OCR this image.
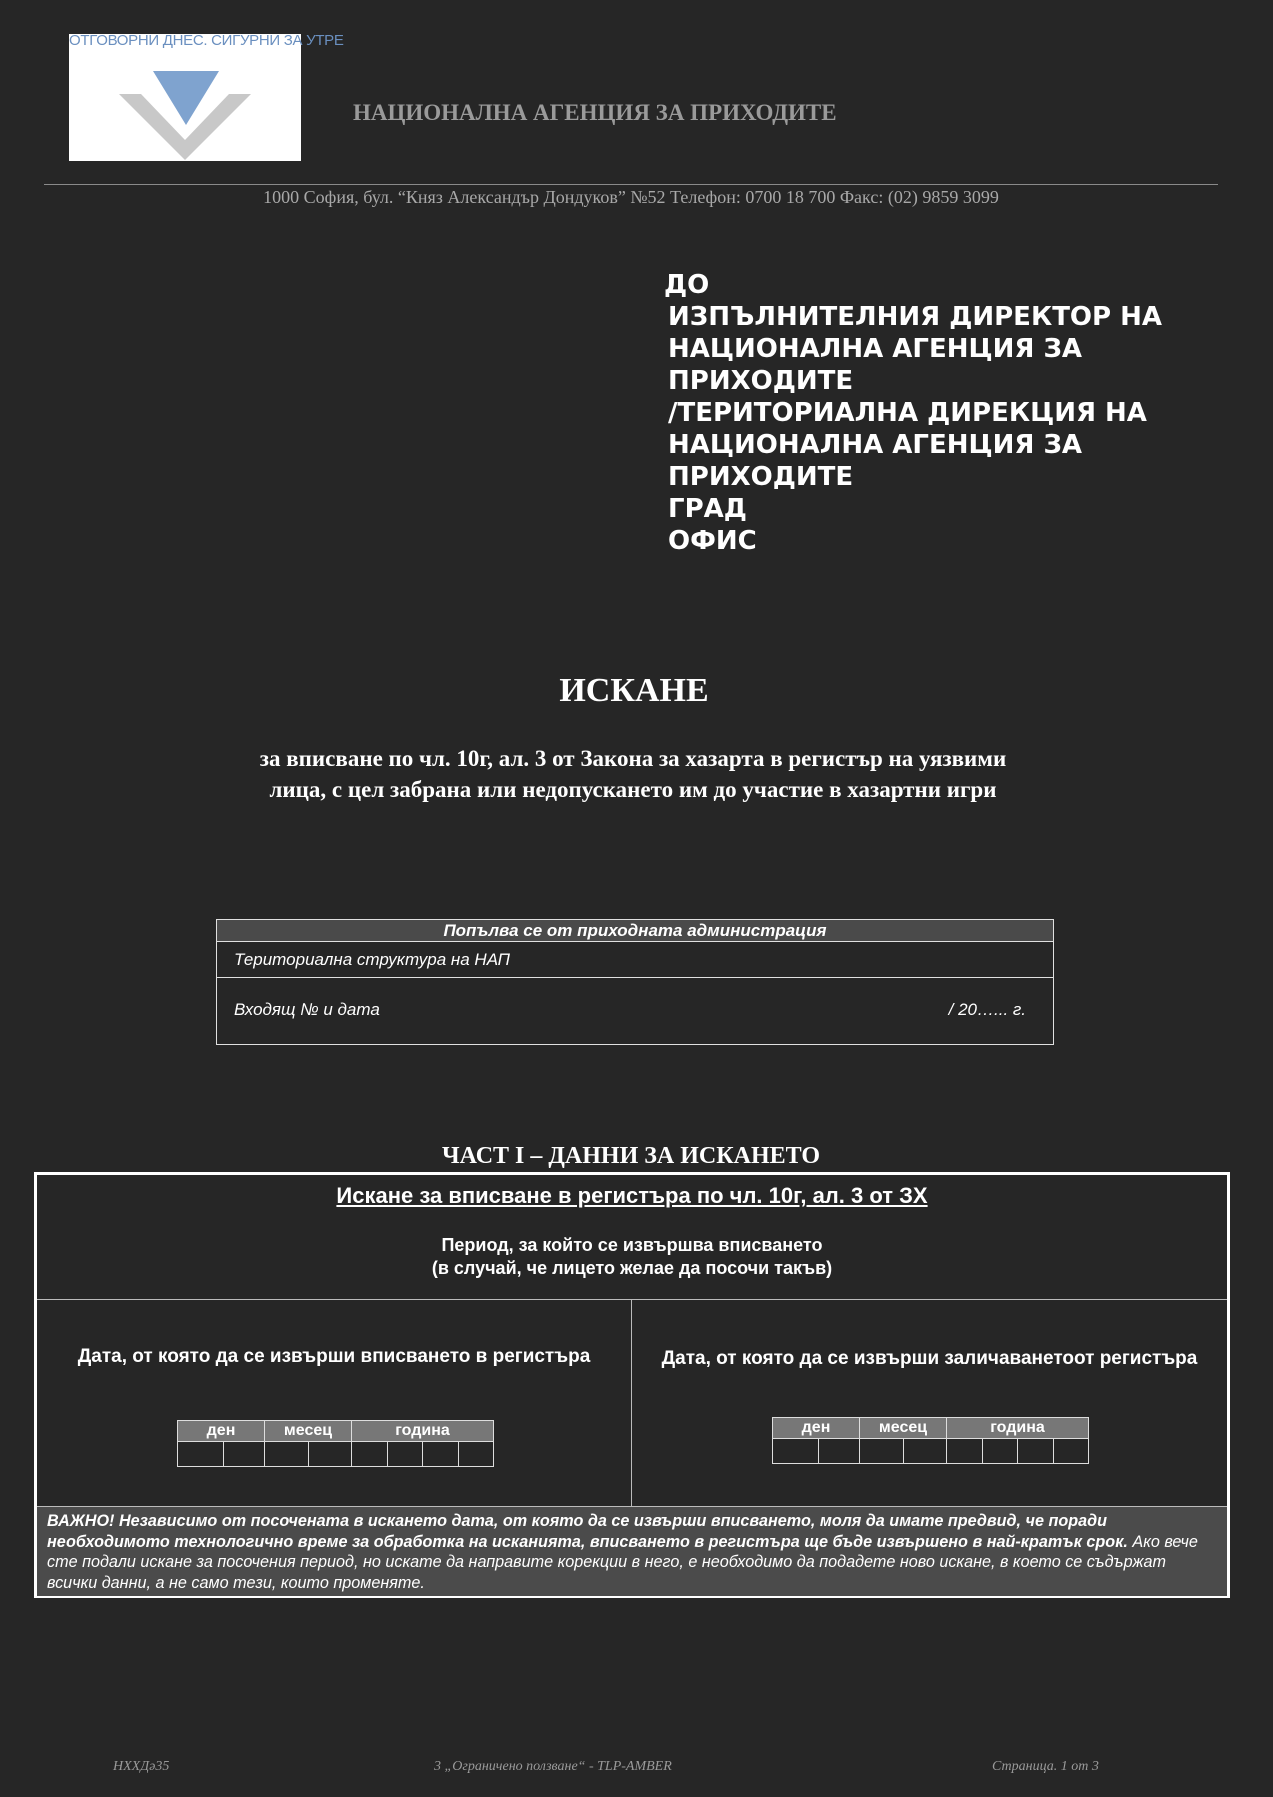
ОТГОВОРНИ ДНЕС. СИГУРНИ ЗА УТРЕ
НАЦИОНАЛНА АГЕНЦИЯ ЗА ПРИХОДИТЕ
1000 София, бул. “Княз Александър Дондуков” №52 Телефон: 0700 18 700 Факс: (02) 9859 3099
ДО
ИЗПЪЛНИТЕЛНИЯ ДИРЕКТОР НА
НАЦИОНАЛНА АГЕНЦИЯ ЗА
ПРИХОДИТЕ
/ТЕРИТОРИАЛНА ДИРЕКЦИЯ НА
НАЦИОНАЛНА АГЕНЦИЯ ЗА
ПРИХОДИТЕ
ГРАД
ОФИС
ИСКАНЕ
за вписване по чл. 10г, ал. 3 от Закона за хазарта в регистър на уязвими лица, с цел забрана или недопускането им до участие в хазартни игри
Попълва се от приходната администрация
Териториална структура на НАП
Входящ № и дата	/ 20…... г.
ЧАСТ I – ДАННИ ЗА ИСКАНЕТО
Искане за вписване в регистъра по чл. 10г, ал. 3 от ЗХ
Период, за който се извършва вписването
(в случай, че лицето желае да посочи такъв)
Дата, от която да се извърши вписването в регистъра
ден		месец		година			

Дата, от която да се извърши заличаванетоот регистъра
ден		месец		година			

ВАЖНО! Независимо от посочената в искането дата, от която да се извърши вписването, моля да имате предвид, че поради необходимото технологично време за обработка на исканията, вписването в регистъра ще бъде извършено в най-кратък срок. Ако вече сте подали искане за посочения период, но искате да направите корекции в него, е необходимо да подадете ново искане, в което се съдържат всички данни, а не само тези, които променяте.
НХХДә35	3 „Ограничено ползване“ - TLP-AMBER	Страница. 1 от 3
